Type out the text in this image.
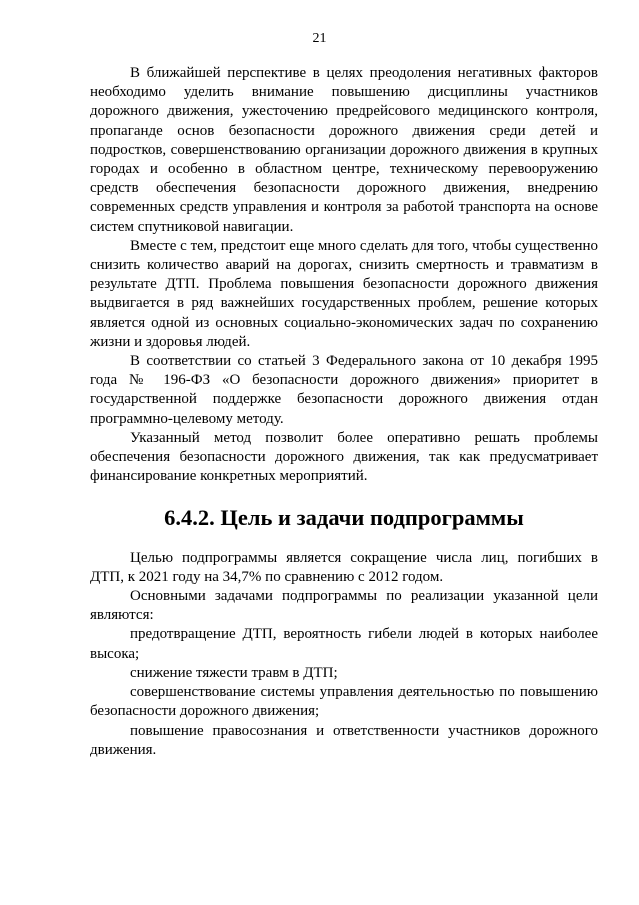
21

В ближайшей перспективе в целях преодоления негативных факторов необходимо уделить внимание повышению дисциплины участников дорожного движения, ужесточению предрейсового медицинского контроля, пропаганде основ безопасности дорожного движения среди детей и подростков, совершенствованию организации дорожного движения в крупных городах и особенно в областном центре, техническому перевооружению средств обеспечения безопасности дорожного движения, внедрению современных средств управления и контроля за работой транспорта на основе систем спутниковой навигации.

Вместе с тем, предстоит еще много сделать для того, чтобы существенно снизить количество аварий на дорогах, снизить смертность и травматизм в результате ДТП. Проблема повышения безопасности дорожного движения выдвигается в ряд важнейших государственных проблем, решение которых является одной из основных социально-экономических задач по сохранению жизни и здоровья людей.

В соответствии со статьей 3 Федерального закона от 10 декабря 1995 года № 196-ФЗ «О безопасности дорожного движения» приоритет в государственной поддержке безопасности дорожного движения отдан программно-целевому методу.

Указанный метод позволит более оперативно решать проблемы обеспечения безопасности дорожного движения, так как предусматривает финансирование конкретных мероприятий.

6.4.2. Цель и задачи подпрограммы

Целью подпрограммы является сокращение числа лиц, погибших в ДТП, к 2021 году на 34,7% по сравнению с 2012 годом.

Основными задачами подпрограммы по реализации указанной цели являются:

предотвращение ДТП, вероятность гибели людей в которых наиболее высока;

снижение тяжести травм в ДТП;

совершенствование системы управления деятельностью по повышению безопасности дорожного движения;

повышение правосознания и ответственности участников дорожного движения.
